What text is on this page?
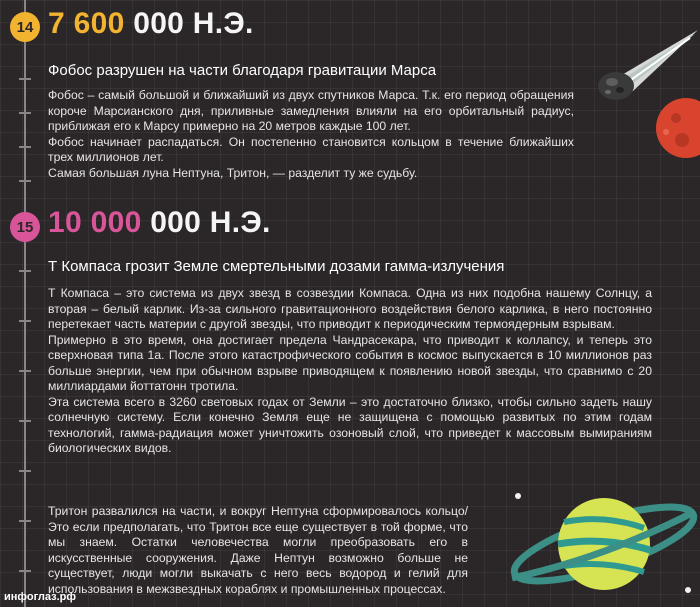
14 7 600 000 Н.Э.
Фобос разрушен на части благодаря гравитации Марса

Фобос – самый большой и ближайший из двух спутников Марса. Т.к. его период обращения короче Марсианского дня, приливные замедления влияли на его орбитальный радиус, приближая его к Марсу примерно на 20 метров каждые 100 лет.

Фобос начинает распадаться. Он постепенно становится кольцом в течение ближайших трех миллионов лет.

Самая большая луна Нептуна, Тритон, — разделит ту же судьбу.

15 10 000 000 Н.Э.
Т Компаса грозит Земле смертельными дозами гамма-излучения

Т Компаса – это система из двух звезд в созвездии Компаса. Одна из них подобна нашему Солнцу, а вторая – белый карлик. Из-за сильного гравитационного воздействия белого карлика, в него постоянно перетекает часть материи с другой звезды, что приводит к периодическим термоядерным взрывам.

Примерно в это время, она достигает предела Чандрасекара, что приводит к коллапсу, и теперь это сверхновая типа 1а. После этого катастрофического события в космос выпускается в 10 миллионов раз больше энергии, чем при обычном взрыве приводящем к появлению новой звезды, что сравнимо с 20 миллиардами йоттатонн тротила.

Эта система всего в 3260 световых годах от Земли – это достаточно близко, чтобы сильно задеть нашу солнечную систему. Если конечно Земля еще не защищена с помощью развитых по этим годам технологий, гамма-радиация может уничтожить озоновый слой, что приведет к массовым вымираниям биологических видов.

Тритон развалился на части, и вокруг Нептуна сформировалось кольцо/ Это если предполагать, что Тритон все еще существует в той форме, что мы знаем. Остатки человечества могли преобразовать его в искусственные сооружения. Даже Нептун возможно больше не существует, люди могли выкачать с него весь водород и гелий для использования в межзвездных кораблях и промышленных процессах.

инфоглаз.рф
